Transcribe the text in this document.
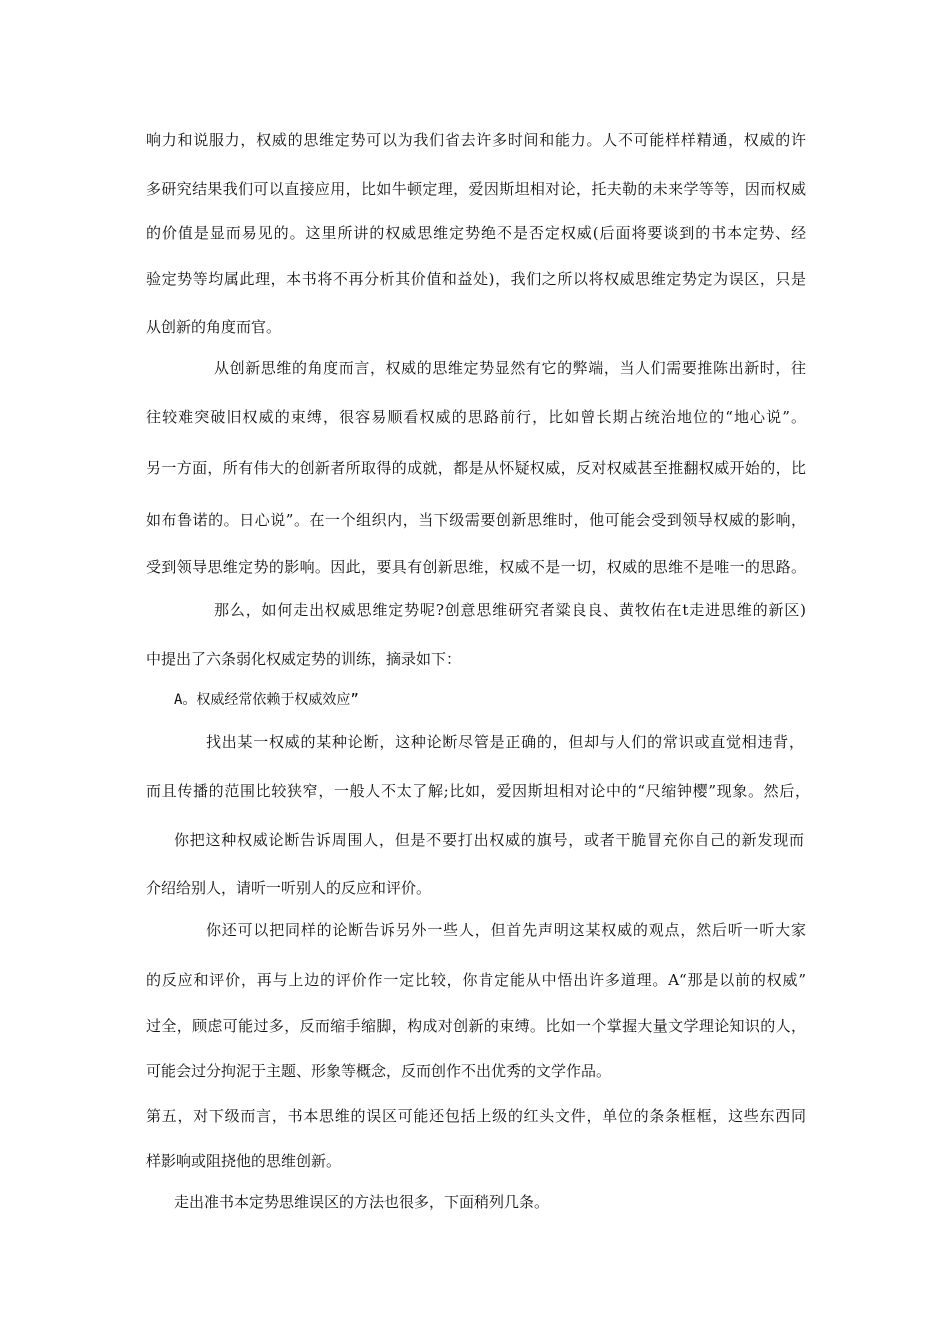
响力和说服力，权威的思维定势可以为我们省去许多时间和能力。人不可能样样精通，权威的许
多研究结果我们可以直接应用，比如牛顿定理，爱因斯坦相对论，托夫勒的未来学等等，因而权威
的价值是显而易见的。这里所讲的权威思维定势绝不是否定权威(后面将要谈到的书本定势、经
验定势等均属此理，本书将不再分析其价值和益处)，我们之所以将权威思维定势定为误区，只是
从创新的角度而官。
从创新思维的角度而言，权威的思维定势显然有它的弊端，当人们需要推陈出新时，往
往较难突破旧权威的束缚，很容易顺看权威的思路前行，比如曾长期占统治地位的“地心说”。
另一方面，所有伟大的创新者所取得的成就，都是从怀疑权威，反对权威甚至推翻权威开始的，比
如布鲁诺的。日心说”。在一个组织内，当下级需要创新思维时，他可能会受到领导权威的影响，
受到领导思维定势的影响。因此，要具有创新思维，权威不是一切，权威的思维不是唯一的思路。
那么，如何走出权威思维定势呢?创意思维研究者粱良良、黄牧佑在t走进思维的新区)
中提出了六条弱化权威定势的训练，摘录如下：
A。权威经常依赖于权威效应”
找出某一权威的某种论断，这种论断尽管是正确的，但却与人们的常识或直觉相违背，
而且传播的范围比较狭窄，一般人不太了解;比如，爱因斯坦相对论中的“尺缩钟樱”现象。然后，
你把这种权威论断告诉周围人，但是不要打出权威的旗号，或者干脆冒充你自己的新发现而
介绍给别人，请听一听别人的反应和评价。
你还可以把同样的论断告诉另外一些人，但首先声明这某权威的观点，然后听一听大家
的反应和评价，再与上边的评价作一定比较，你肯定能从中悟出许多道理。A“那是以前的权威”
过全，顾虑可能过多，反而缩手缩脚，构成对创新的束缚。比如一个掌握大量文学理论知识的人，
可能会过分拘泥于主题、形象等概念，反而创作不出优秀的文学作品。
第五，对下级而言，书本思维的误区可能还包括上级的红头文件，单位的条条框框，这些东西同
样影响或阻挠他的思维创新。
走出准书本定势思维误区的方法也很多，下面稍列几条。
